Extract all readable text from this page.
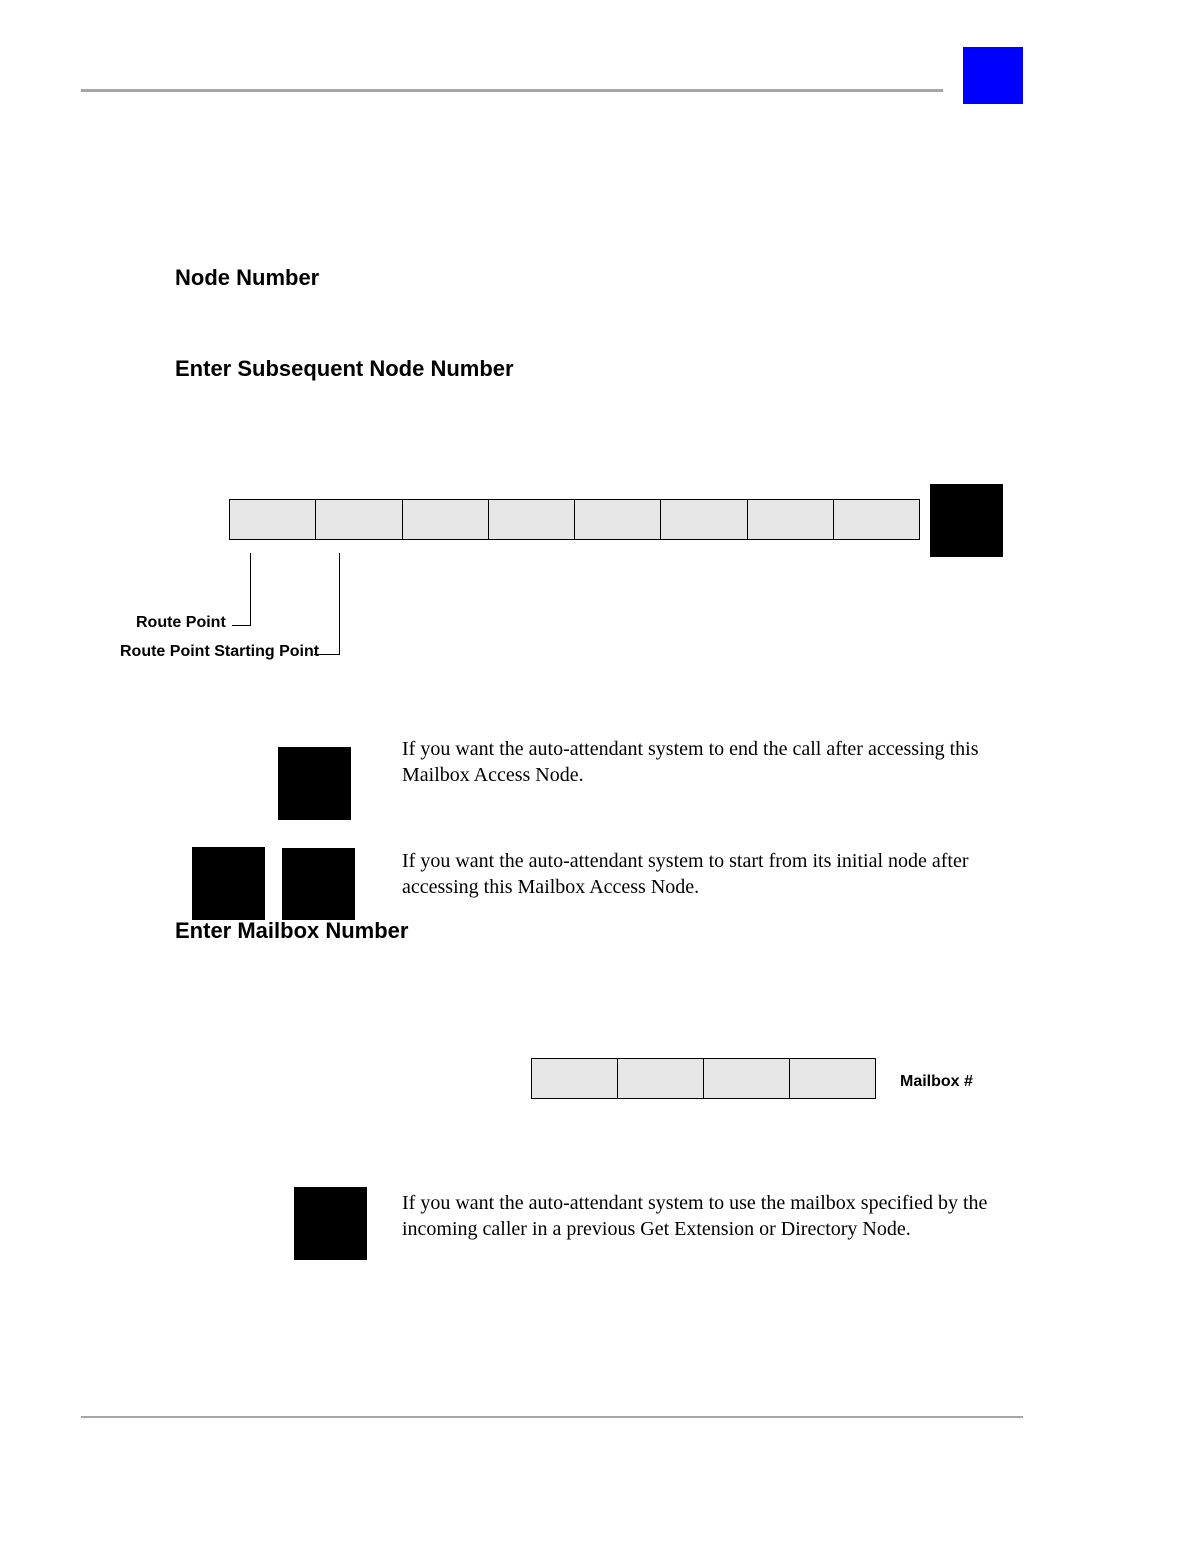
Node Number
Enter Subsequent Node Number
Route Point
Route Point Starting Point
If you want the auto-attendant system to end the call after accessing this Mailbox Access Node.
If you want the auto-attendant system to start from its initial node after accessing this Mailbox Access Node.
Enter Mailbox Number
Mailbox #
If you want the auto-attendant system to use the mailbox specified by the incoming caller in a previous Get Extension or Directory Node.
